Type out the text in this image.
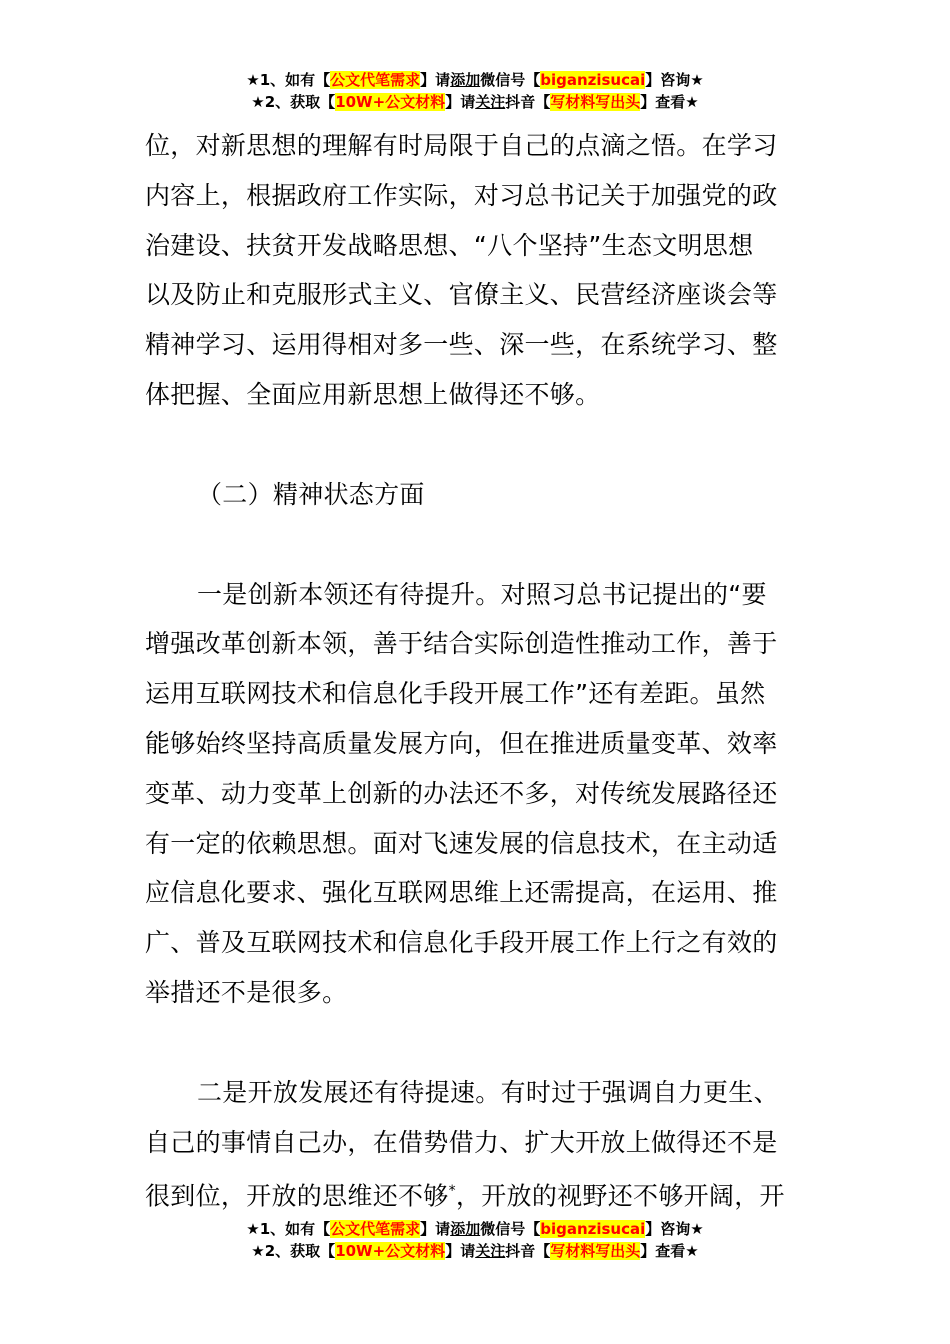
★1、如有【公文代笔需求】请添加微信号【biganzisucai】咨询★
★2、获取【10W+公文材料】请关注抖音【写材料写出头】查看★

位，对新思想的理解有时局限于自己的点滴之悟。在学习
内容上，根据政府工作实际，对习总书记关于加强党的政
治建设、扶贫开发战略思想、“八个坚持”生态文明思想
以及防止和克服形式主义、官僚主义、民营经济座谈会等
精神学习、运用得相对多一些、深一些，在系统学习、整
体把握、全面应用新思想上做得还不够。

（二）精神状态方面

一是创新本领还有待提升。对照习总书记提出的“要
增强改革创新本领，善于结合实际创造性推动工作，善于
运用互联网技术和信息化手段开展工作”还有差距。虽然
能够始终坚持高质量发展方向，但在推进质量变革、效率
变革、动力变革上创新的办法还不多，对传统发展路径还
有一定的依赖思想。面对飞速发展的信息技术，在主动适
应信息化要求、强化互联网思维上还需提高，在运用、推
广、普及互联网技术和信息化手段开展工作上行之有效的
举措还不是很多。

二是开放发展还有待提速。有时过于强调自力更生、
自己的事情自己办，在借势借力、扩大开放上做得还不是
很到位，开放的思维还不够*，开放的视野还不够开阔，开

★1、如有【公文代笔需求】请添加微信号【biganzisucai】咨询★
★2、获取【10W+公文材料】请关注抖音【写材料写出头】查看★
